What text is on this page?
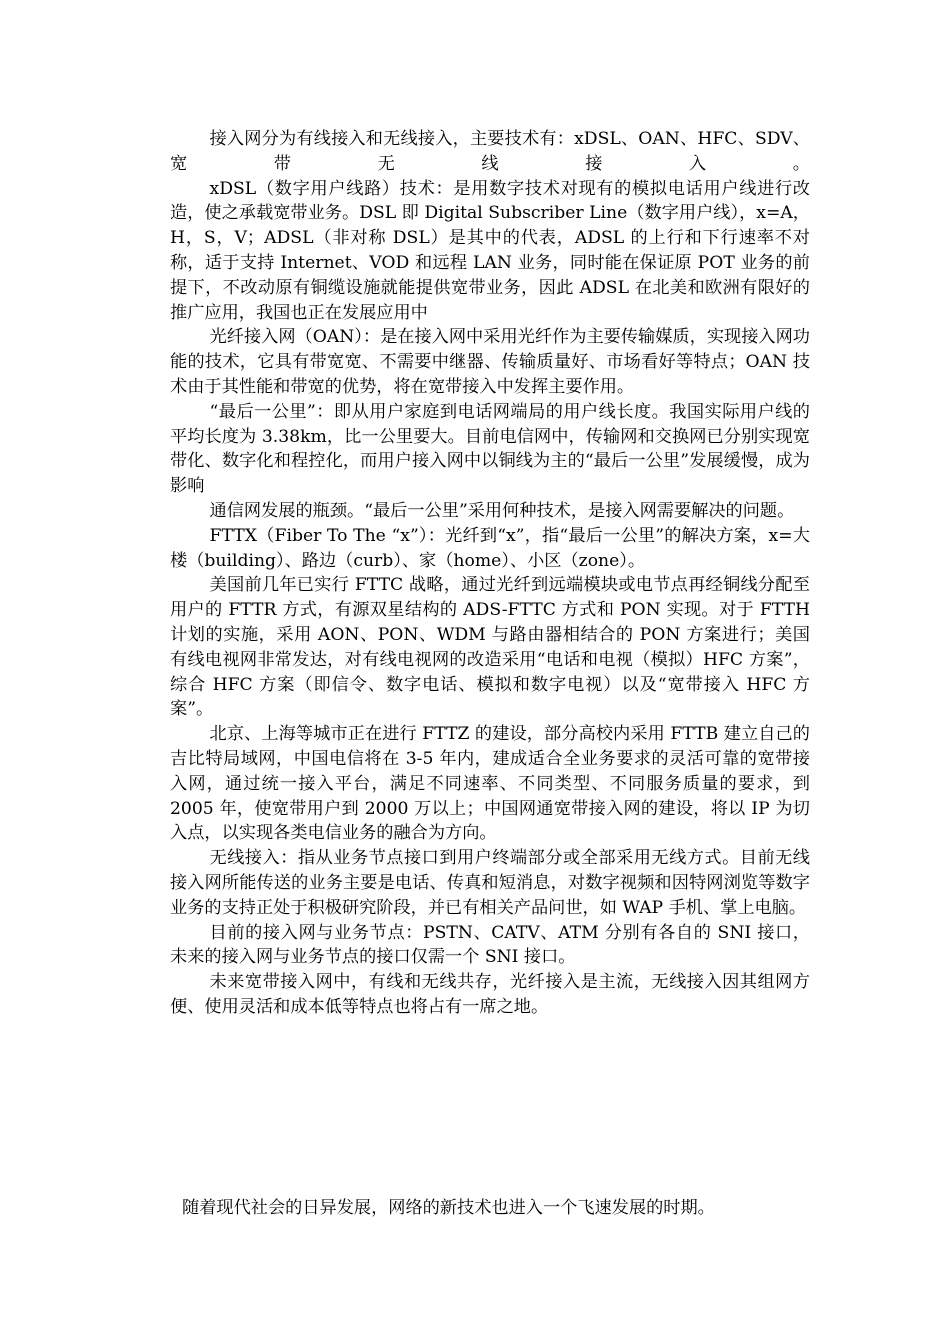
接入网分为有线接入和无线接入，主要技术有：xDSL、OAN、HFC、SDV、宽带无线接入。

xDSL（数字用户线路）技术：是用数字技术对现有的模拟电话用户线进行改造，使之承载宽带业务。DSL 即 Digital Subscriber Line（数字用户线），x=A，H，S，V；ADSL（非对称 DSL）是其中的代表，ADSL 的上行和下行速率不对称，适于支持 Internet、VOD 和远程 LAN 业务，同时能在保证原 POT 业务的前提下，不改动原有铜缆设施就能提供宽带业务，因此 ADSL 在北美和欧洲有限好的推广应用，我国也正在发展应用中

光纤接入网（OAN）：是在接入网中采用光纤作为主要传输媒质，实现接入网功能的技术，它具有带宽宽、不需要中继器、传输质量好、市场看好等特点；OAN 技术由于其性能和带宽的优势，将在宽带接入中发挥主要作用。

“最后一公里”：即从用户家庭到电话网端局的用户线长度。我国实际用户线的平均长度为 3.38km，比一公里要大。目前电信网中，传输网和交换网已分别实现宽带化、数字化和程控化，而用户接入网中以铜线为主的“最后一公里”发展缓慢，成为影响

通信网发展的瓶颈。“最后一公里”采用何种技术，是接入网需要解决的问题。

FTTX（Fiber To The “x”）：光纤到“x”，指“最后一公里”的解决方案，x=大楼（building）、路边（curb）、家（home）、小区（zone）。

美国前几年已实行 FTTC 战略，通过光纤到远端模块或电节点再经铜线分配至用户的 FTTR 方式，有源双星结构的 ADS-FTTC 方式和 PON 实现。对于 FTTH 计划的实施，采用 AON、PON、WDM 与路由器相结合的 PON 方案进行；美国有线电视网非常发达，对有线电视网的改造采用“电话和电视（模拟）HFC 方案”，综合 HFC 方案（即信令、数字电话、模拟和数字电视）以及“宽带接入 HFC 方案”。

北京、上海等城市正在进行 FTTZ 的建设，部分高校内采用 FTTB 建立自己的吉比特局域网，中国电信将在 3-5 年内，建成适合全业务要求的灵活可靠的宽带接入网，通过统一接入平台，满足不同速率、不同类型、不同服务质量的要求，到 2005 年，使宽带用户到 2000 万以上；中国网通宽带接入网的建设，将以 IP 为切入点，以实现各类电信业务的融合为方向。

无线接入：指从业务节点接口到用户终端部分或全部采用无线方式。目前无线接入网所能传送的业务主要是电话、传真和短消息，对数字视频和因特网浏览等数字业务的支持正处于积极研究阶段，并已有相关产品问世，如 WAP 手机、掌上电脑。

目前的接入网与业务节点：PSTN、CATV、ATM 分别有各自的 SNI 接口，未来的接入网与业务节点的接口仅需一个 SNI 接口。

未来宽带接入网中，有线和无线共存，光纤接入是主流，无线接入因其组网方便、使用灵活和成本低等特点也将占有一席之地。

随着现代社会的日异发展，网络的新技术也进入一个飞速发展的时期。
